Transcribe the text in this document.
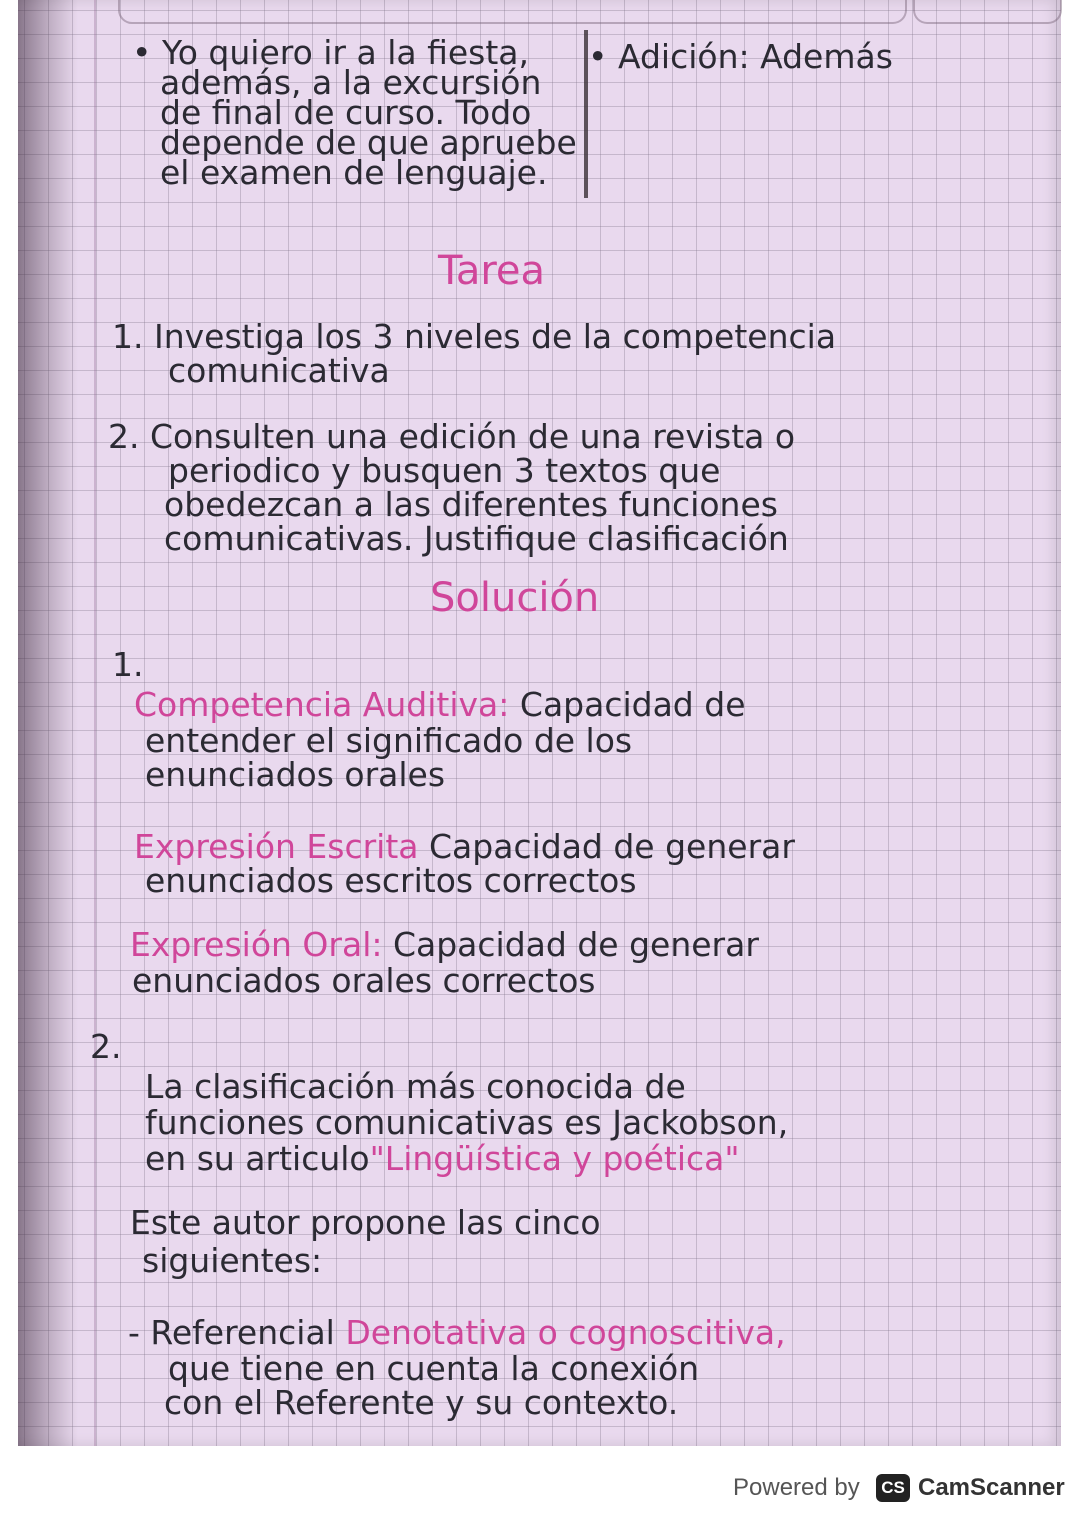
• Yo quiero ir a la fiesta,
además, a la excursión
de final de curso. Todo
depende de que apruebe
el examen de lenguaje.
• Adición: Además
Tarea
1. Investiga los 3 niveles de la competencia
comunicativa
2. Consulten una edición de una revista o
periodico y busquen 3 textos que
obedezcan a las diferentes funciones
comunicativas. Justifique clasificación
Solución
1.
Competencia Auditiva: Capacidad de
entender el significado de los
enunciados orales
Expresión Escrita Capacidad de generar
enunciados escritos correctos
Expresión Oral: Capacidad de generar
enunciados orales correctos
2.
La clasificación más conocida de
funciones comunicativas es Jackobson,
en su articulo"Lingüística y poética"
Este autor propone las cinco
siguientes:
- Referencial Denotativa o cognoscitiva,
que tiene en cuenta la conexión
con el Referente y su contexto.
Powered by	CS CamScanner
